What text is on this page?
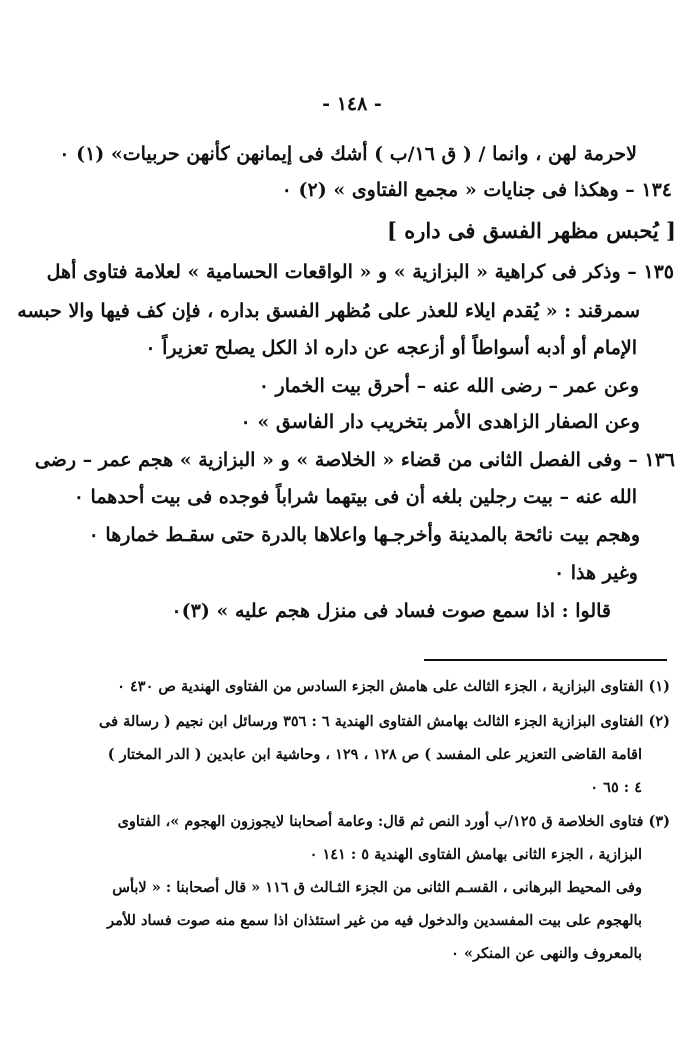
- ١٤٨ -
لاحرمة لهن ، وانما / ( ق ١٦/ب ) أشك فى إيمانهن كأنهن حربيات» (١) ٠
١٣٤ – وهكذا فى جنايات « مجمع الفتاوى » (٢) ٠
[ يُحبس مظهر الفسق فى داره ]
١٣٥ – وذكر فى كراهية « البزازية » و « الواقعات الحسامية » لعلامة فتاوى أهل
سمرقند : « يُقدم ايلاء للعذر على مُظهر الفسق بداره ، فإن كف فيها والا حبسه
الإمام أو أدبه أسواطاً أو أزعجه عن داره اذ الكل يصلح تعزيراً ٠
وعن عمر – رضى الله عنه – أحرق بيت الخمار ٠
وعن الصفار الزاهدى الأمر بتخريب دار الفاسق » ٠
١٣٦ – وفى الفصل الثانى من قضاء « الخلاصة » و « البزازية » هجم عمر – رضى
الله عنه – بيت رجلين بلغه أن فى بيتهما شراباً فوجده فى بيت أحدهما ٠
وهجم بيت نائحة بالمدينة وأخرجـها واعلاها بالدرة حتى سقـط خمارها ٠
وغير هذا ٠
قالوا : اذا سمع صوت فساد فى منزل هجم عليه » (٣)٠
(١) الفتاوى البزازية ، الجزء الثالث على هامش الجزء السادس من الفتاوى الهندية ص ٤٣٠ ٠
(٢) الفتاوى البزازية الجزء الثالث بهامش الفتاوى الهندية ٦ : ٣٥٦ ورسائل ابن نجيم ( رسالة فى
اقامة القاضى التعزير على المفسد ) ص ١٢٨ ، ١٢٩ ، وحاشية ابن عابدين ( الدر المختار )
٤ : ٦٥ ٠
(٣) فتاوى الخلاصة ق ١٢٥/ب أورد النص ثم قال: وعامة أصحابنا لايجوزون الهجوم »، الفتاوى
البزازية ، الجزء الثانى بهامش الفتاوى الهندية ٥ : ١٤١ ٠
وفى المحيط البرهانى ، القسـم الثانى من الجزء الثـالث ق ١١٦ « قال أصحابنا : « لابأس
بالهجوم على بيت المفسدين والدخول فيه من غير استئذان اذا سمع منه صوت فساد للأمر
بالمعروف والنهى عن المنكر» ٠
